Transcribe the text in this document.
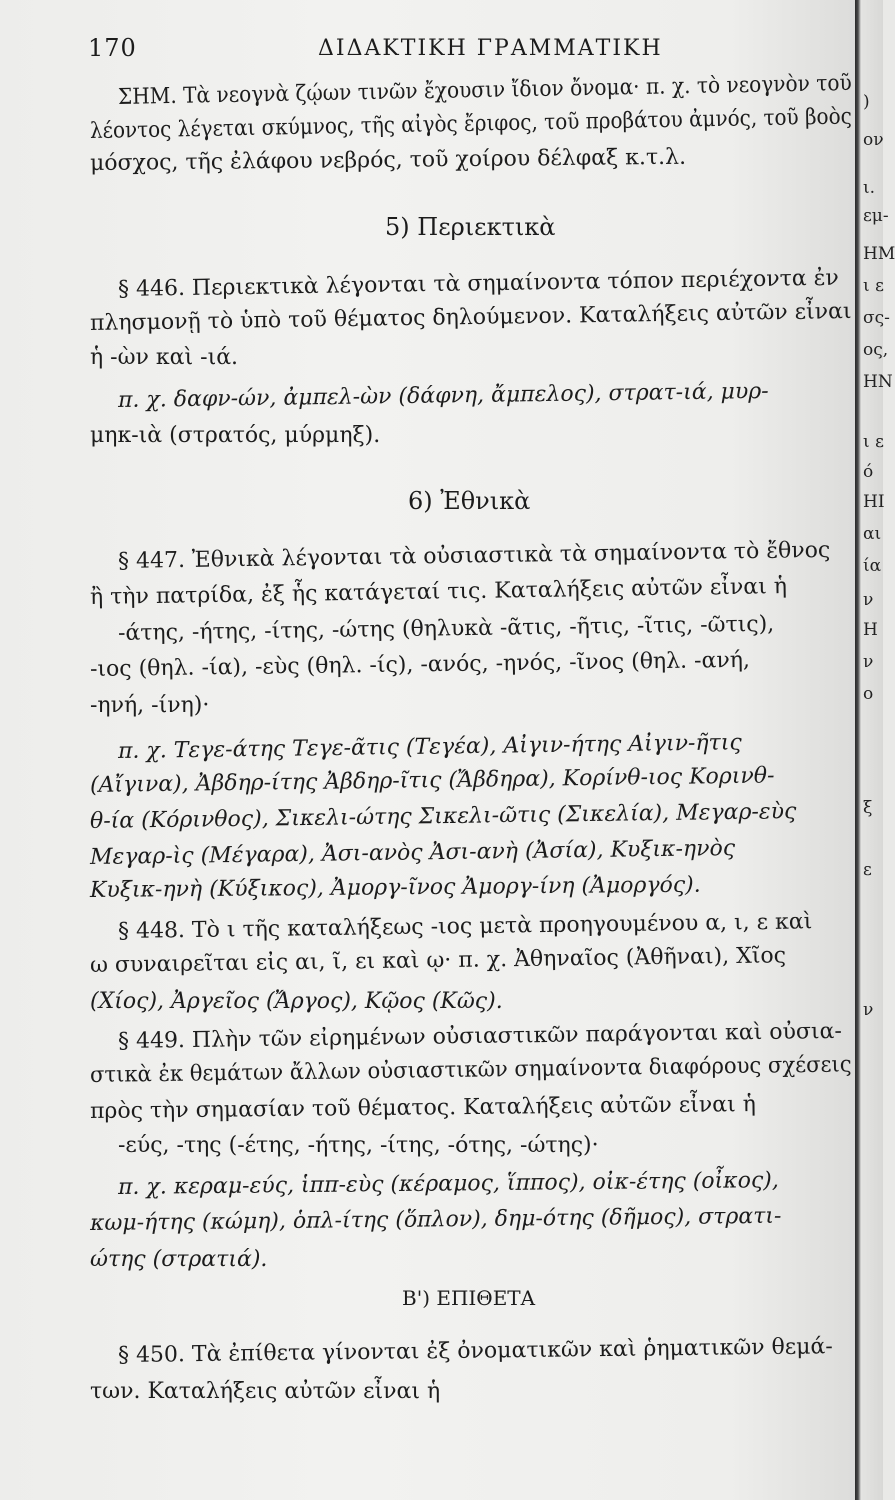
170	ΔΙΔΑΚΤΙΚΗ ΓΡΑΜΜΑΤΙΚΗ
ΣΗΜ. Τὰ νεογνὰ ζῴων τινῶν ἔχουσιν ἴδιον ὄνομα· π. χ. τὸ νεογνὸν τοῦ
λέοντος λέγεται σκύμνος, τῆς αἰγὸς ἔριφος, τοῦ προβάτου ἀμνός, τοῦ βοὸς
μόσχος, τῆς ἐλάφου νεβρός, τοῦ χοίρου δέλφαξ κ.τ.λ.
5) Περιεκτικὰ
§ 446. Περιεκτικὰ λέγονται τὰ σημαίνοντα τόπον περιέχοντα ἐν
πλησμονῇ τὸ ὑπὸ τοῦ θέματος δηλούμενον. Καταλήξεις αὐτῶν εἶναι
ἡ -ὼν καὶ -ιά.
π. χ. δαφν-ών, ἀμπελ-ὼν (δάφνη, ἄμπελος), στρατ-ιά, μυρ-
μηκ-ιὰ (στρατός, μύρμηξ).
6) Ἐθνικὰ
§ 447. Ἐθνικὰ λέγονται τὰ οὐσιαστικὰ τὰ σημαίνοντα τὸ ἔθνος
ἢ τὴν πατρίδα, ἐξ ἧς κατάγεταί τις. Καταλήξεις αὐτῶν εἶναι ἡ
-άτης, -ήτης, -ίτης, -ώτης (θηλυκὰ -ᾶτις, -ῆτις, -ῖτις, -ῶτις),
-ιος (θηλ. -ία), -εὺς (θηλ. -ίς), -ανός, -ηνός, -ῖνος (θηλ. -ανή,
-ηνή, -ίνη)·
π. χ. Τεγε-άτης Τεγε-ᾶτις (Τεγέα), Αἰγιν-ήτης Αἰγιν-ῆτις
(Αἴγινα), Ἀβδηρ-ίτης Ἀβδηρ-ῖτις (Ἄβδηρα), Κορίνθ-ιος Κορινθ-
θ-ία (Κόρινθος), Σικελι-ώτης Σικελι-ῶτις (Σικελία), Μεγαρ-εὺς
Μεγαρ-ὶς (Μέγαρα), Ἀσι-ανὸς Ἀσι-ανὴ (Ἀσία), Κυξικ-ηνὸς
Κυξικ-ηνὴ (Κύξικος), Ἀμοργ-ῖνος Ἀμοργ-ίνη (Ἀμοργός).
§ 448. Τὸ ι τῆς καταλήξεως -ιος μετὰ προηγουμένου α, ι, ε καὶ
ω συναιρεῖται εἰς αι, ῖ, ει καὶ ῳ· π. χ. Ἀθηναῖος (Ἀθῆναι), Χῖος
(Χίος), Ἀργεῖος (Ἄργος), Κῷος (Κῶς).
§ 449. Πλὴν τῶν εἰρημένων οὐσιαστικῶν παράγονται καὶ οὐσια-
στικὰ ἐκ θεμάτων ἄλλων οὐσιαστικῶν σημαίνοντα διαφόρους σχέσεις
πρὸς τὴν σημασίαν τοῦ θέματος. Καταλήξεις αὐτῶν εἶναι ἡ
-εύς, -της (-έτης, -ήτης, -ίτης, -ότης, -ώτης)·
π. χ. κεραμ-εύς, ἱππ-εὺς (κέραμος, ἵππος), οἰκ-έτης (οἶκος),
κωμ-ήτης (κώμη), ὁπλ-ίτης (ὅπλον), δημ-ότης (δῆμος), στρατι-
ώτης (στρατιά).
Β') ΕΠΙΘΕΤΑ
§ 450. Τὰ ἐπίθετα γίνονται ἐξ ὀνοματικῶν καὶ ῥηματικῶν θεμά-
των. Καταλήξεις αὐτῶν εἶναι ἡ
)
ον
ι.
εμ-
ΗΜ
ι ε
σς-
ος,
ΗΝ
ι ε
ό
ΗΙ
αι
ία
ν
Η
ν
ο
ξ
ε
ν
